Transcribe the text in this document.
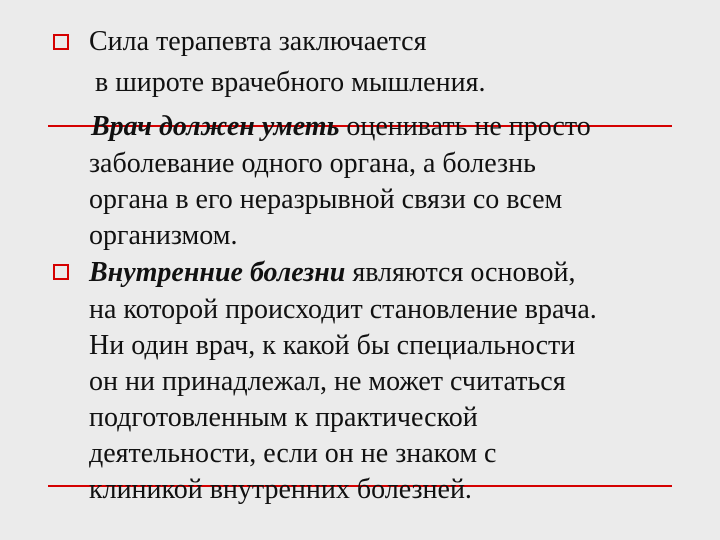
Сила терапевта заключается
в широте врачебного мышления.
Врач должен уметь оценивать не просто
заболевание одного органа, а болезнь
органа в его неразрывной связи со всем
организмом.
Внутренние болезни являются основой,
на которой происходит становление врача.
Ни один врач, к какой бы специальности
он ни принадлежал, не может считаться
подготовленным к практической
деятельности, если он не знаком с
клиникой внутренних болезней.
